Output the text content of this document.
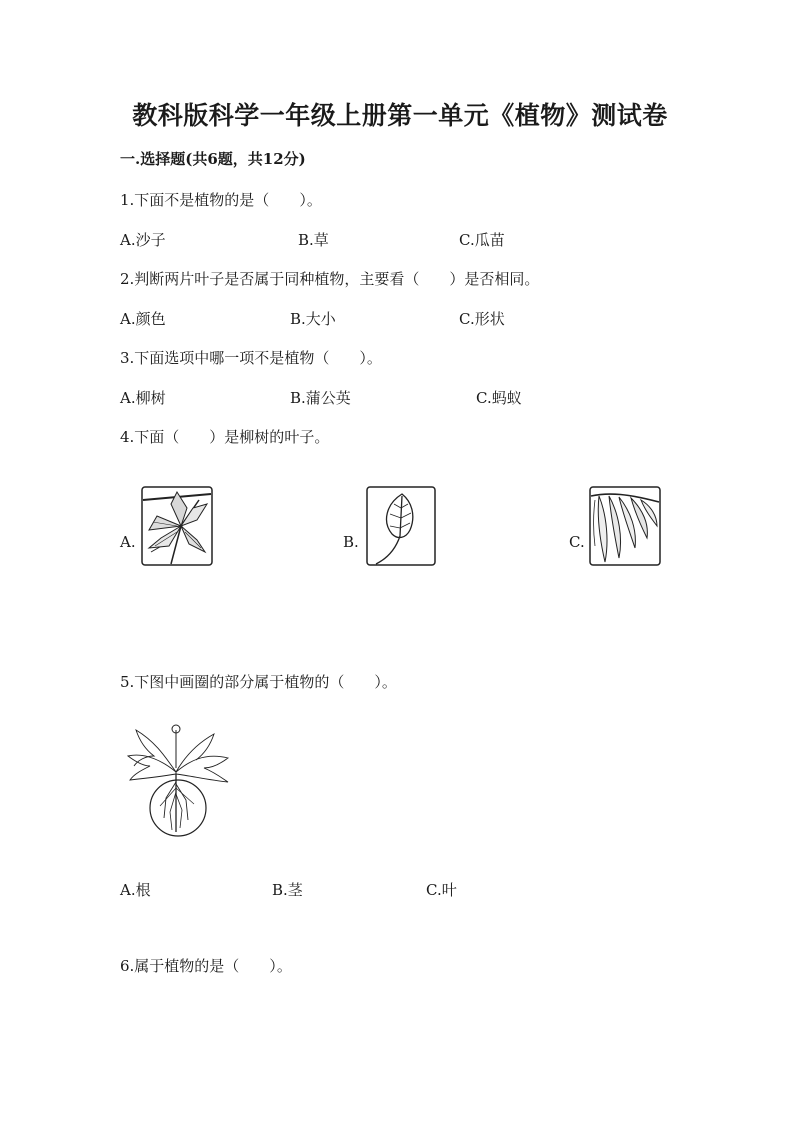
教科版科学一年级上册第一单元《植物》测试卷
一.选择题(共6题，共12分)
1.下面不是植物的是（　　）。
A.沙子	B.草	C.瓜苗
2.判断两片叶子是否属于同种植物，主要看（　　）是否相同。
A.颜色	B.大小	C.形状
3.下面选项中哪一项不是植物（　　）。
A.柳树	B.蒲公英	C.蚂蚁
4.下面（　　）是柳树的叶子。
A.	B.	C.
5.下图中画圈的部分属于植物的（　　）。
A.根	B.茎	C.叶
6.属于植物的是（　　）。
